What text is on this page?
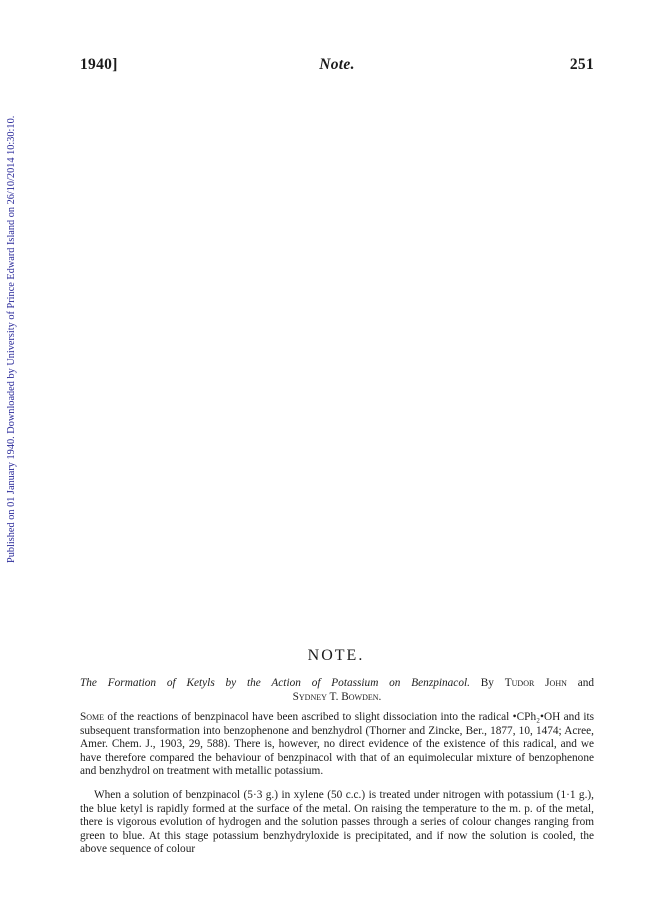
1940]	Note.	251
Published on 01 January 1940. Downloaded by University of Prince Edward Island on 26/10/2014 10:30:10.
NOTE.
The Formation of Ketyls by the Action of Potassium on Benzpinacol. By Tudor John and
Sydney T. Bowden.
Some of the reactions of benzpinacol have been ascribed to slight dissociation into the radical •CPh₂•OH and its subsequent transformation into benzophenone and benzhydrol (Thorner and Zincke, Ber., 1877, 10, 1474; Acree, Amer. Chem. J., 1903, 29, 588). There is, however, no direct evidence of the existence of this radical, and we have therefore compared the behaviour of benzpinacol with that of an equimolecular mixture of benzophenone and benzhydrol on treatment with metallic potassium.
When a solution of benzpinacol (5·3 g.) in xylene (50 c.c.) is treated under nitrogen with potassium (1·1 g.), the blue ketyl is rapidly formed at the surface of the metal. On raising the temperature to the m. p. of the metal, there is vigorous evolution of hydrogen and the solution passes through a series of colour changes ranging from green to blue. At this stage potassium benzhydryloxide is precipitated, and if now the solution is cooled, the above sequence of colour
